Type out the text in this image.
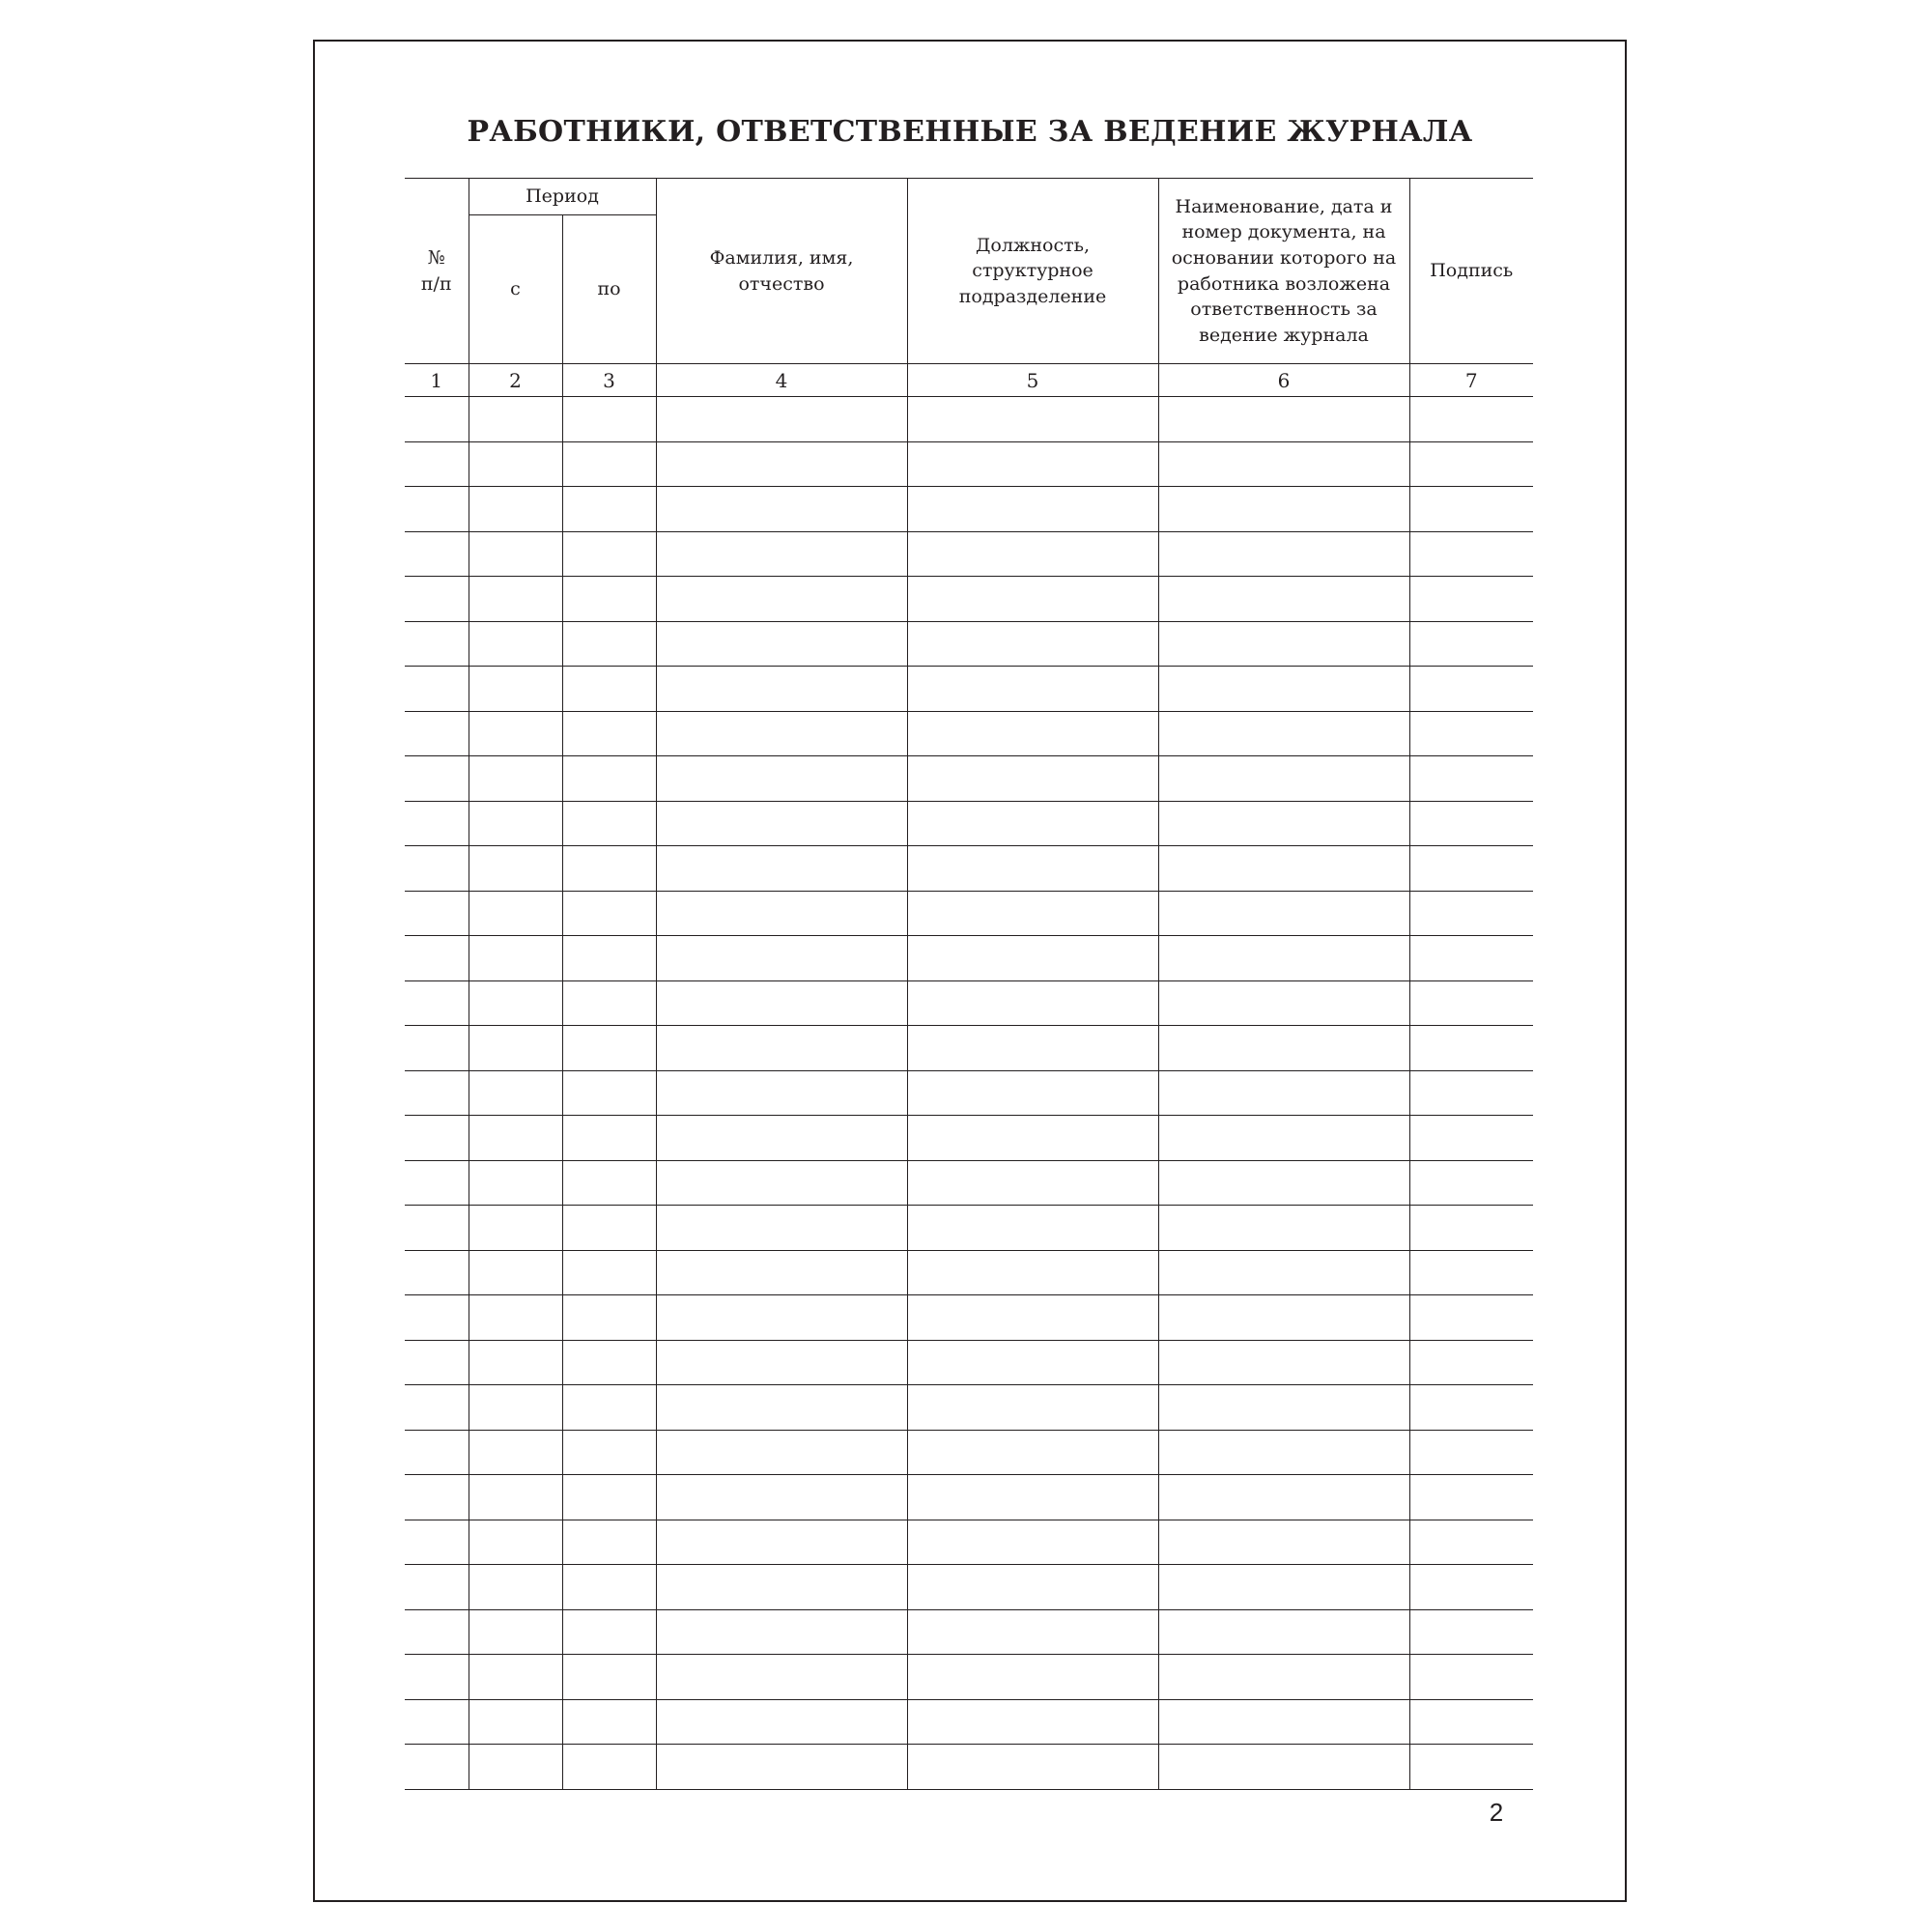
РАБОТНИКИ, ОТВЕТСТВЕННЫЕ ЗА ВЕДЕНИЕ ЖУРНАЛА
№ п/п	Период		Фамилия, имя, отчество	Должность, структурное подразделение	Наименование, дата и номер документа, на основании которого на работника возложена ответственность за ведение журнала	Подпись
	с	по				
1	2	3	4	5	6	7

2
